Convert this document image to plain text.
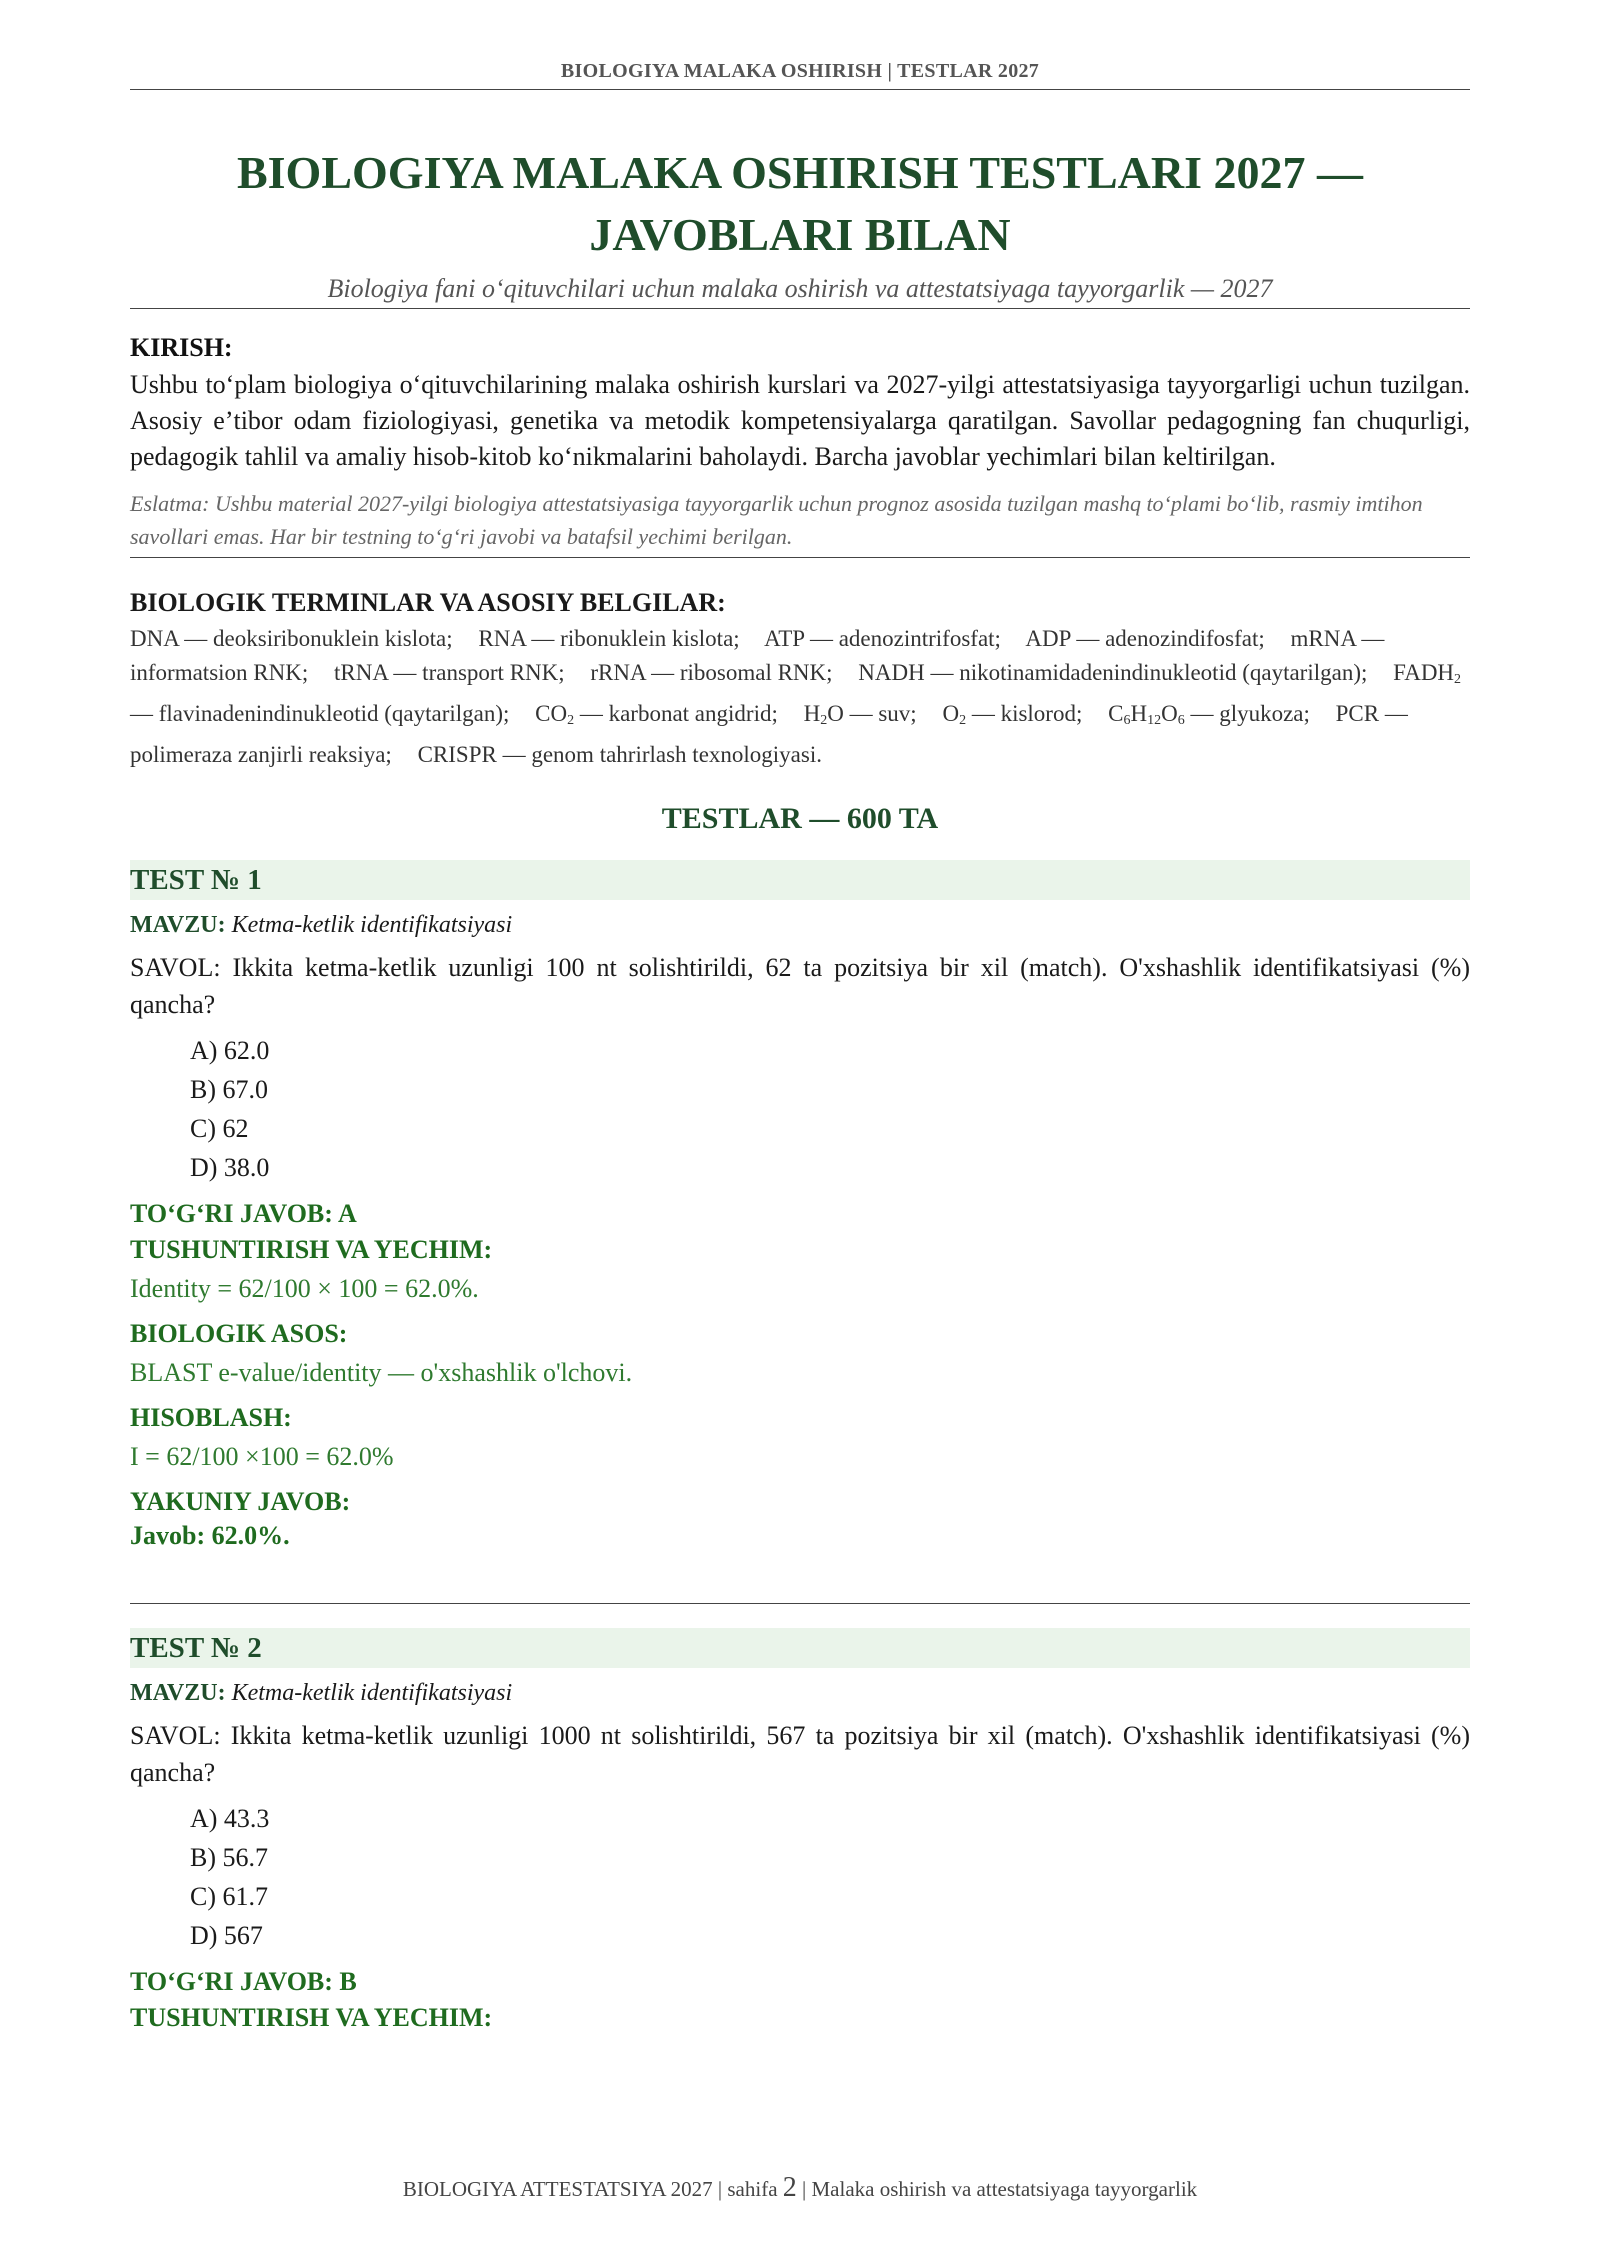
BIOLOGIYA MALAKA OSHIRISH | TESTLAR 2027
BIOLOGIYA MALAKA OSHIRISH TESTLARI 2027 —
JAVOBLARI BILAN
Biologiya fani oʻqituvchilari uchun malaka oshirish va attestatsiyaga tayyorgarlik — 2027
KIRISH:
Ushbu toʻplam biologiya oʻqituvchilarining malaka oshirish kurslari va 2027-yilgi attestatsiyasiga tayyorgarligi uchun tuzilgan. Asosiy eʼtibor odam fiziologiyasi, genetika va metodik kompetensiyalarga qaratilgan. Savollar pedagogning fan chuqurligi, pedagogik tahlil va amaliy hisob-kitob koʻnikmalarini baholaydi. Barcha javoblar yechimlari bilan keltirilgan.
Eslatma: Ushbu material 2027-yilgi biologiya attestatsiyasiga tayyorgarlik uchun prognoz asosida tuzilgan mashq toʻplami boʻlib, rasmiy imtihon savollari emas. Har bir testning toʻgʻri javobi va batafsil yechimi berilgan.
BIOLOGIK TERMINLAR VA ASOSIY BELGILAR:
DNA — deoksiribonuklein kislota; RNA — ribonuklein kislota; ATP — adenozintrifosfat; ADP — adenozindifosfat; mRNA — informatsion RNK; tRNA — transport RNK; rRNA — ribosomal RNK; NADH — nikotinamidadenindinukleotid (qaytarilgan); $FADH_2$ — flavinadenindinukleotid (qaytarilgan); $CO_2$ — karbonat angidrid; $H_2O$ — suv; $O_2$ — kislorod; $C_6H_{12}O_6$ — glyukoza; PCR — polimeraza zanjirli reaksiya; CRISPR — genom tahrirlash texnologiyasi.
TESTLAR — 600 TA
TEST № 1
MAVZU: Ketma-ketlik identifikatsiyasi
SAVOL: Ikkita ketma-ketlik uzunligi 100 nt solishtirildi, 62 ta pozitsiya bir xil (match). O'xshashlik identifikatsiyasi (%) qancha?
A) 62.0
B) 67.0
C) 62
D) 38.0
TOʻGʻRI JAVOB: A
TUSHUNTIRISH VA YECHIM:
Identity = 62/100 × 100 = 62.0%.
BIOLOGIK ASOS:
BLAST e-value/identity — o'xshashlik o'lchovi.
HISOBLASH:
I = 62/100 ×100 = 62.0%
YAKUNIY JAVOB:
Javob: 62.0%.
TEST № 2
MAVZU: Ketma-ketlik identifikatsiyasi
SAVOL: Ikkita ketma-ketlik uzunligi 1000 nt solishtirildi, 567 ta pozitsiya bir xil (match). O'xshashlik identifikatsiyasi (%) qancha?
A) 43.3
B) 56.7
C) 61.7
D) 567
TOʻGʻRI JAVOB: B
TUSHUNTIRISH VA YECHIM:
BIOLOGIYA ATTESTATSIYA 2027 | sahifa 2 | Malaka oshirish va attestatsiyaga tayyorgarlik
